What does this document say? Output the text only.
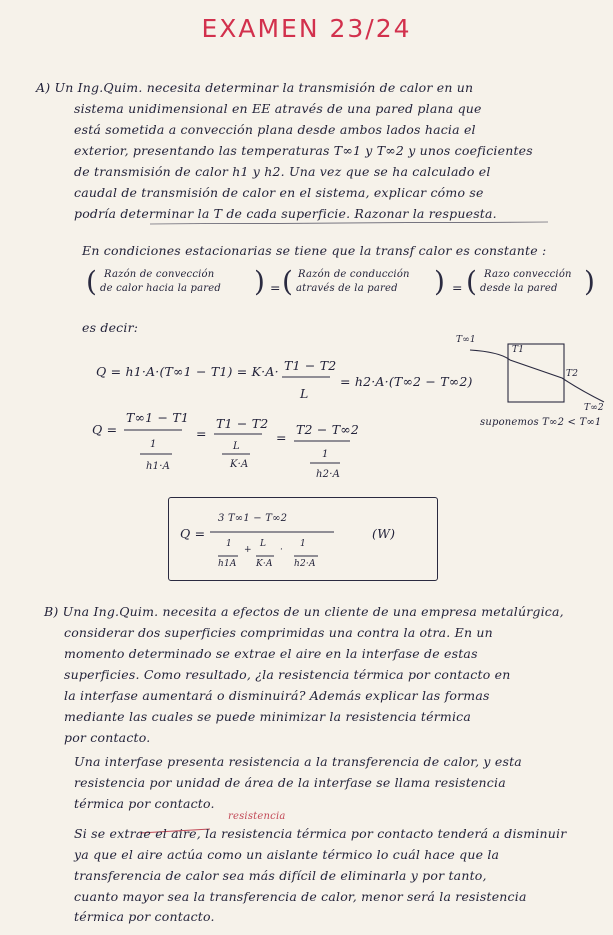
EXAMEN 23/24
A) Un Ing.Quim. necesita determinar la transmisión de calor en un
sistema unidimensional en EE através de una pared plana que
está sometida a convección plana desde ambos lados hacia el
exterior, presentando las temperaturas T∞1 y T∞2 y unos coeficientes
de transmisión de calor h1 y h2. Una vez que se ha calculado el
caudal de transmisión de calor en el sistema, explicar cómo se
podría determinar la T de cada superficie. Razonar la respuesta.
En condiciones estacionarias se tiene que la transf calor es constante :
( Razón de convección
de calor hacia la pared ) = ( Razón de conducción
através de la pared ) = ( Razo convección
desde la pared )
es decir:
Q = h1·A·(T∞1 − T1) = K·A· T1 − T2
L
= h2·A·(T∞2 − T∞2)
Q =
T∞1 − T1
1
h1·A
=
T1 − T2
L
K·A
=
T2 − T∞2
1
h2·A
Q =
3 T∞1 − T∞2
1
+
L
·
1
h1A K·A h2·A
(W)
T∞1
T1
T2
T∞2
suponemos T∞2 < T∞1
B) Una Ing.Quim. necesita a efectos de un cliente de una empresa metalúrgica,
considerar dos superficies comprimidas una contra la otra. En un
momento determinado se extrae el aire en la interfase de estas
superficies. Como resultado, ¿la resistencia térmica por contacto en
la interfase aumentará o disminuirá? Además explicar las formas
mediante las cuales se puede minimizar la resistencia térmica
por contacto.
Una interfase presenta resistencia a la transferencia de calor, y esta
resistencia por unidad de área de la interfase se llama resistencia
térmica por contacto.
resistencia
Si se extrae el aire, la resistencia térmica por contacto tenderá a disminuir
ya que el aire actúa como un aislante térmico lo cuál hace que la
transferencia de calor sea más difícil de eliminarla y por tanto,
cuanto mayor sea la transferencia de calor, menor será la resistencia
térmica por contacto.
